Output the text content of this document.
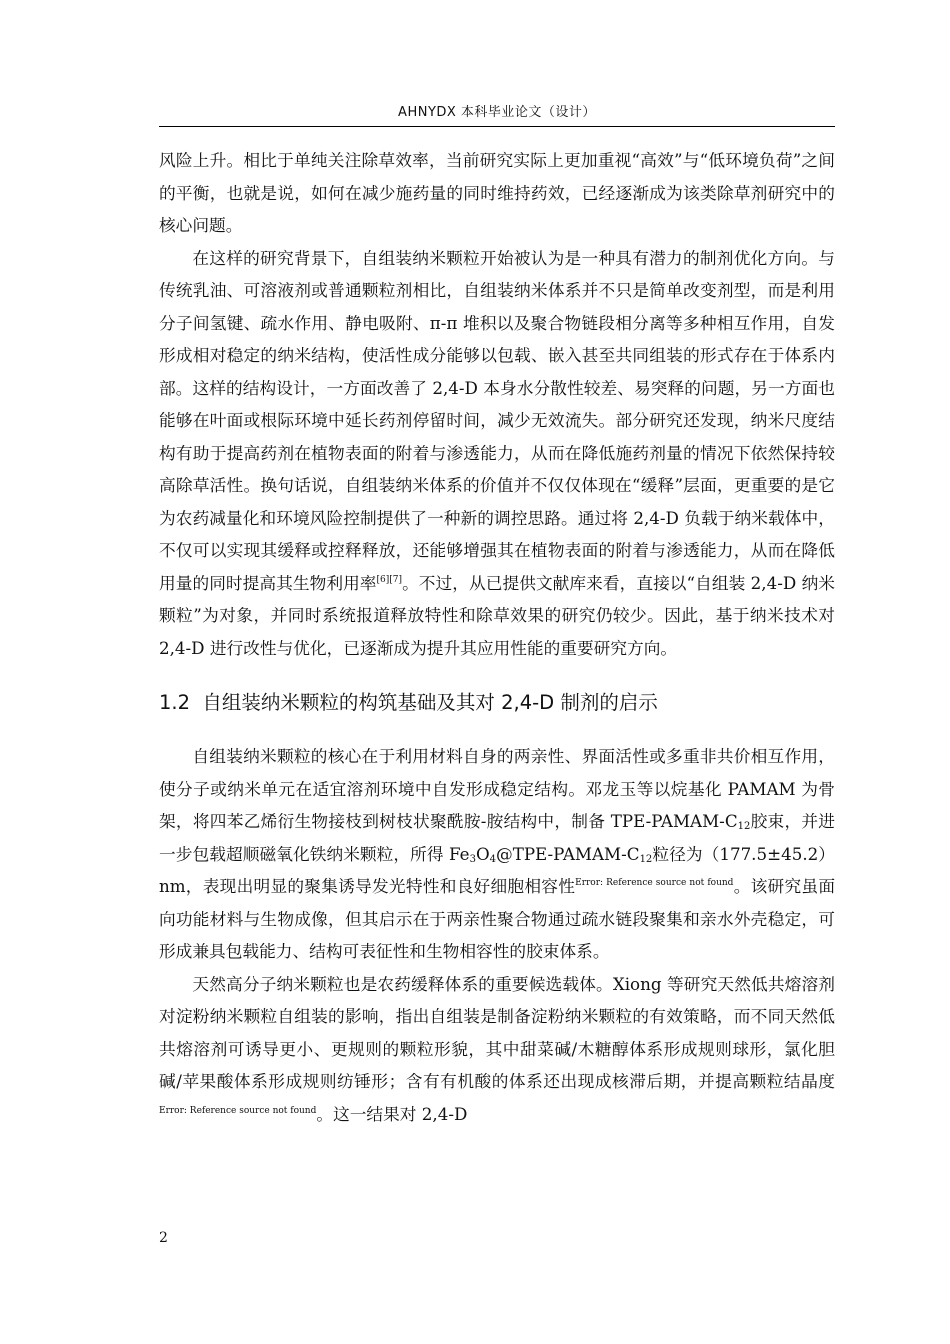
AHNYDX 本科毕业论文（设计）

风险上升。相比于单纯关注除草效率，当前研究实际上更加重视“高效”与“低环境负荷”之间的平衡，也就是说，如何在减少施药量的同时维持药效，已经逐渐成为该类除草剂研究中的核心问题。

在这样的研究背景下，自组装纳米颗粒开始被认为是一种具有潜力的制剂优化方向。与传统乳油、可溶液剂或普通颗粒剂相比，自组装纳米体系并不只是简单改变剂型，而是利用分子间氢键、疏水作用、静电吸附、π-π 堆积以及聚合物链段相分离等多种相互作用，自发形成相对稳定的纳米结构，使活性成分能够以包载、嵌入甚至共同组装的形式存在于体系内部。这样的结构设计，一方面改善了 2,4-D 本身水分散性较差、易突释的问题，另一方面也能够在叶面或根际环境中延长药剂停留时间，减少无效流失。部分研究还发现，纳米尺度结构有助于提高药剂在植物表面的附着与渗透能力，从而在降低施药剂量的情况下依然保持较高除草活性。换句话说，自组装纳米体系的价值并不仅仅体现在“缓释”层面，更重要的是它为农药减量化和环境风险控制提供了一种新的调控思路。通过将 2,4-D 负载于纳米载体中，不仅可以实现其缓释或控释释放，还能够增强其在植物表面的附着与渗透能力，从而在降低用量的同时提高其生物利用率[6][7]。不过，从已提供文献库来看，直接以“自组装 2,4-D 纳米颗粒”为对象，并同时系统报道释放特性和除草效果的研究仍较少。因此，基于纳米技术对 2,4-D 进行改性与优化，已逐渐成为提升其应用性能的重要研究方向。

1.2 自组装纳米颗粒的构筑基础及其对 2,4-D 制剂的启示

自组装纳米颗粒的核心在于利用材料自身的两亲性、界面活性或多重非共价相互作用，使分子或纳米单元在适宜溶剂环境中自发形成稳定结构。邓龙玉等以烷基化 PAMAM 为骨架，将四苯乙烯衍生物接枝到树枝状聚酰胺-胺结构中，制备 TPE-$PAMAM-C_{12}$胶束，并进一步包载超顺磁氧化铁纳米颗粒，所得 $Fe_3O_4@TPE-PAMAM-C_{12}$粒径为（177.5±45.2）nm，表现出明显的聚集诱导发光特性和良好细胞相容性$^{Error: Reference source not found}$。该研究虽面向功能材料与生物成像，但其启示在于两亲性聚合物通过疏水链段聚集和亲水外壳稳定，可形成兼具包载能力、结构可表征性和生物相容性的胶束体系。

天然高分子纳米颗粒也是农药缓释体系的重要候选载体。Xiong 等研究天然低共熔溶剂对淀粉纳米颗粒自组装的影响，指出自组装是制备淀粉纳米颗粒的有效策略，而不同天然低共熔溶剂可诱导更小、更规则的颗粒形貌，其中甜菜碱/木糖醇体系形成规则球形，氯化胆碱/苹果酸体系形成规则纺锤形；含有有机酸的体系还出现成核滞后期，并提高颗粒结晶度$^{Error: Reference source not found}$。这一结果对 2,4-D

2
